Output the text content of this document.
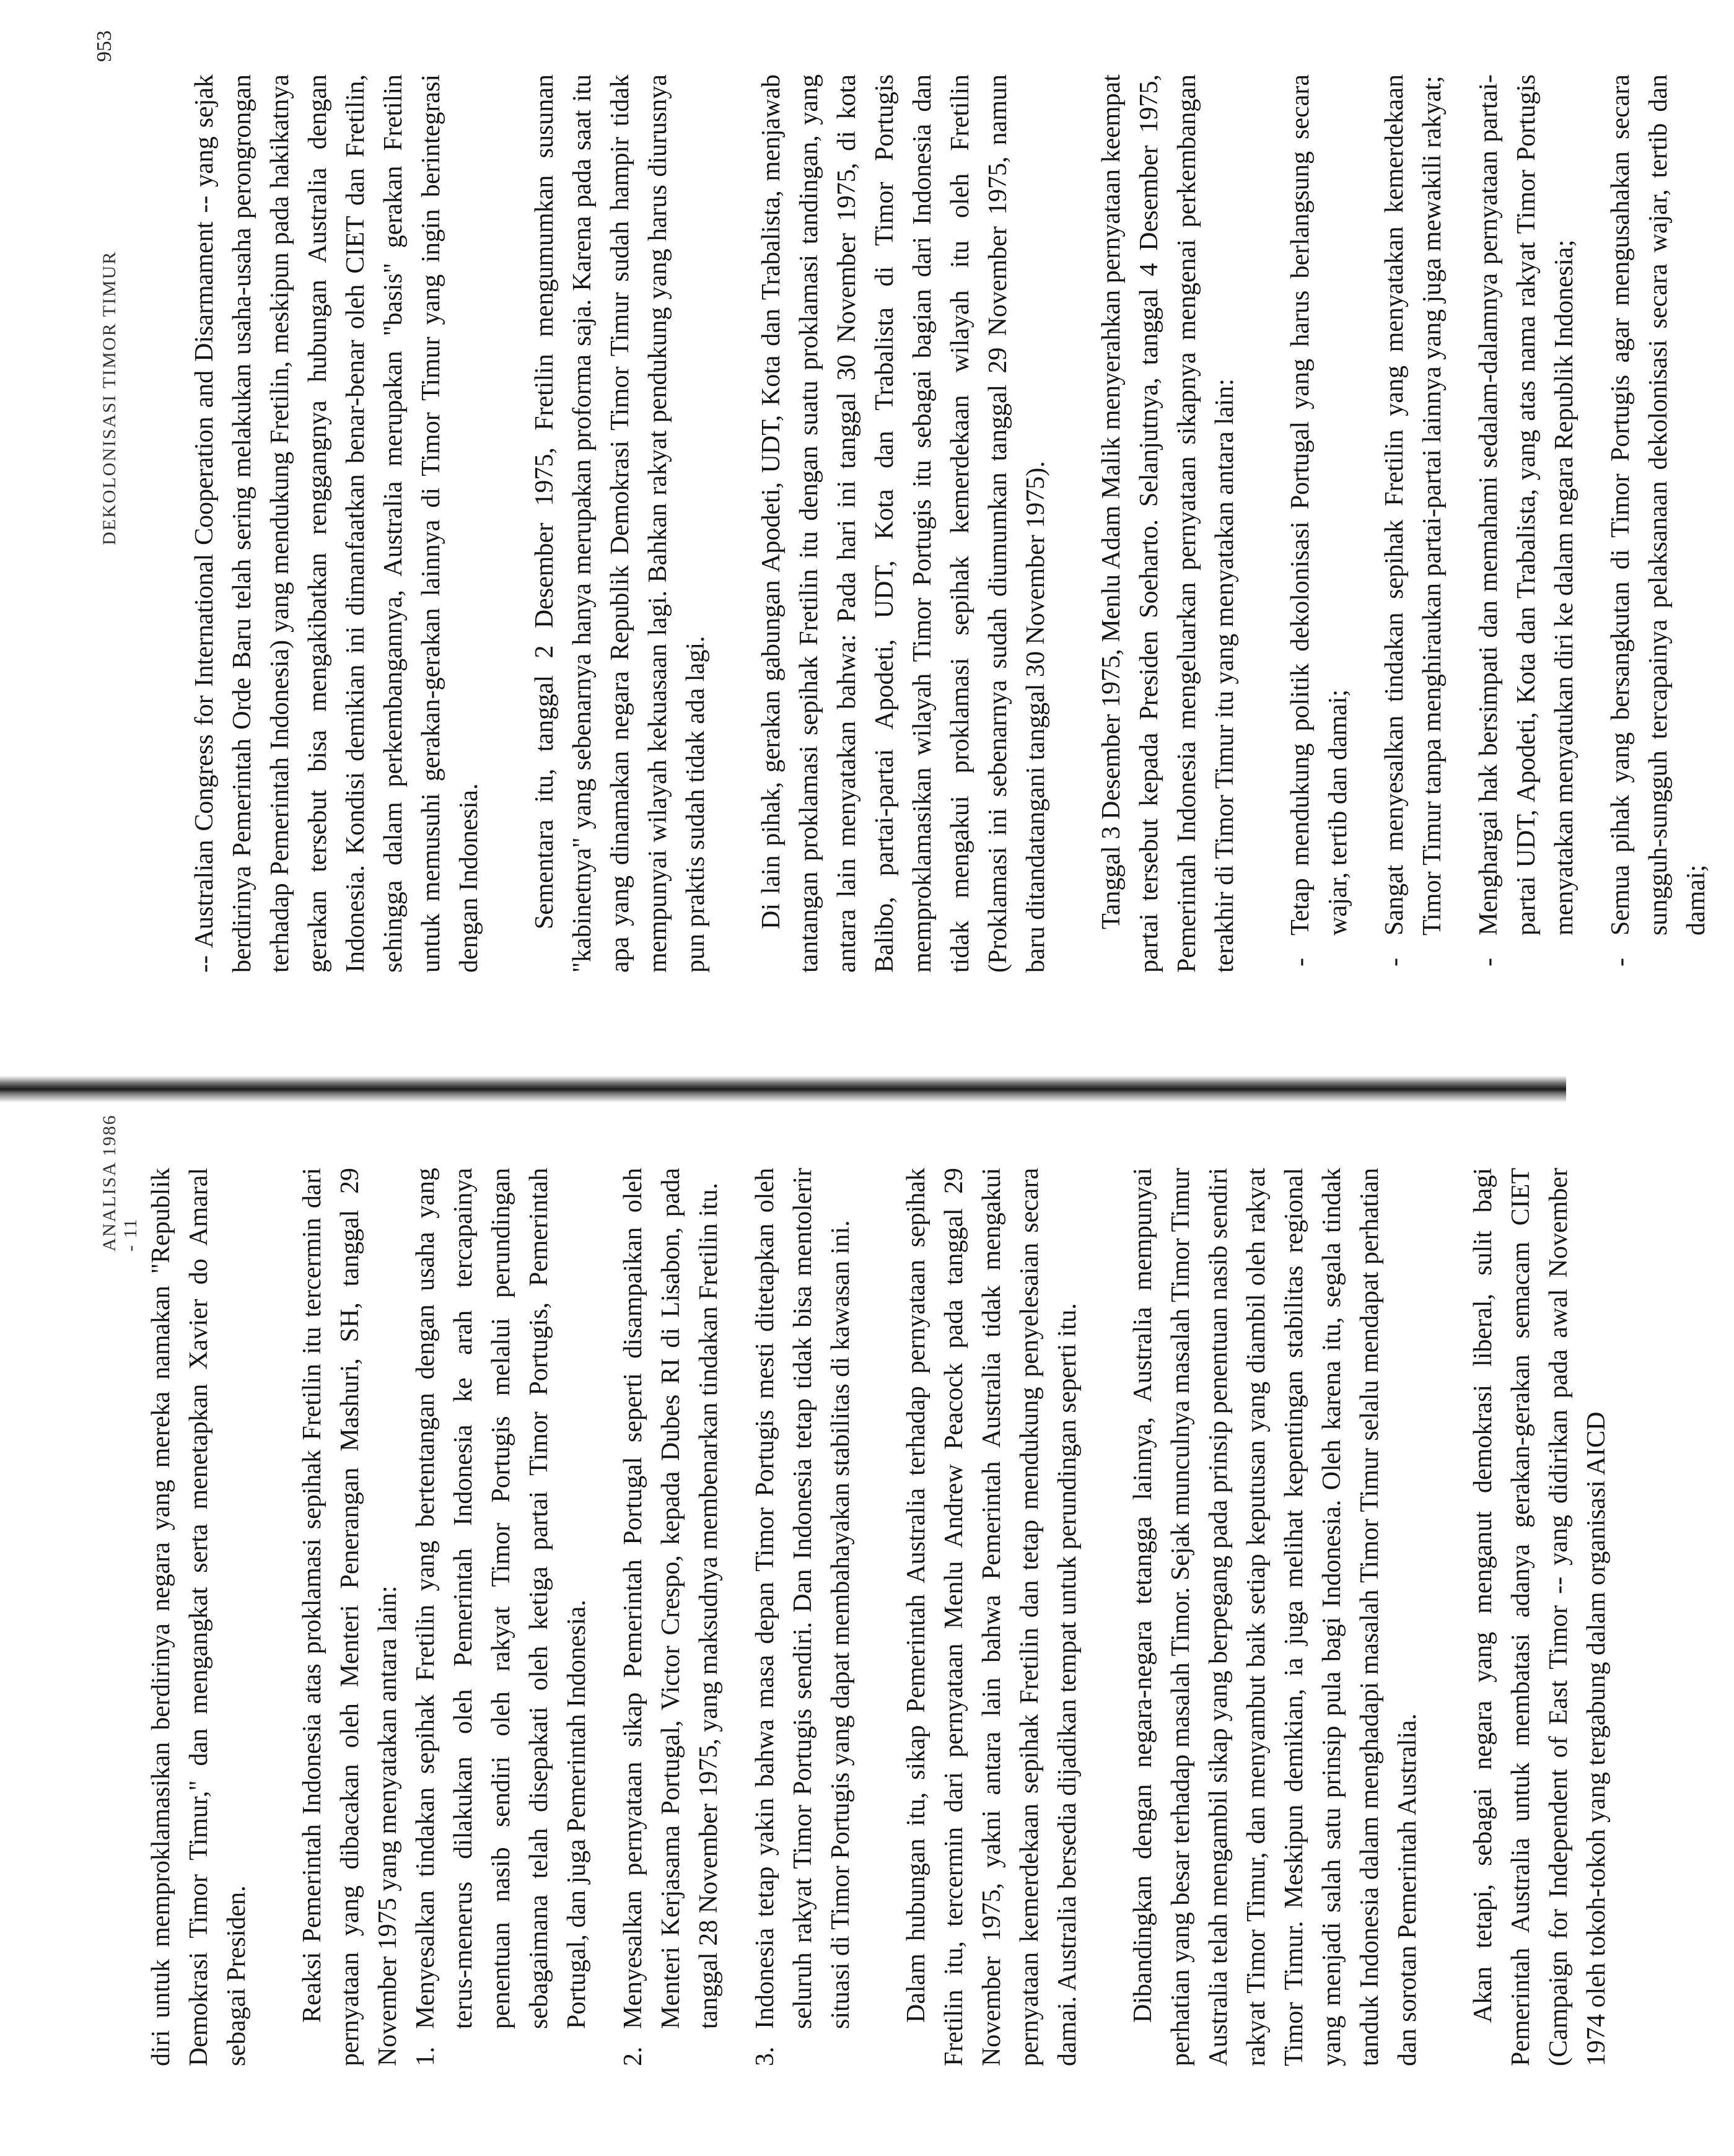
ANALISA 1986 - 11 diri untuk memproklamasikan berdirinya negara yang mereka namakan "Republik Demokrasi Timor Timur," dan mengangkat serta menetapkan Xavier do Amaral sebagai Presiden. Reaksi Pemerintah Indonesia atas proklamasi sepihak Fretilin itu tercermin dari pernyataan yang dibacakan oleh Menteri Penerangan Mashuri, SH, tanggal 29 November 1975 yang menyatakan antara lain: 1.
Menyesalkan tindakan sepihak Fretilin yang bertentangan dengan usaha yang terus-menerus dilakukan oleh Pemerintah Indonesia ke arah tercapainya penentuan nasib sendiri oleh rakyat Timor Portugis melalui perundingan sebagaimana telah disepakati oleh ketiga partai Timor Portugis, Pemerintah Portugal, dan juga Pemerintah Indonesia.
2.
Menyesalkan pernyataan sikap Pemerintah Portugal seperti disampaikan oleh Menteri Kerjasama Portugal, Victor Crespo, kepada Dubes RI di Lisabon, pada tanggal 28 November 1975, yang maksudnya membenarkan tindakan Fretilin itu.
3.
Indonesia tetap yakin bahwa masa depan Timor Portugis mesti ditetapkan oleh seluruh rakyat Timor Portugis sendiri. Dan Indonesia tetap tidak bisa mentolerir situasi di Timor Portugis yang dapat membahayakan stabilitas di kawasan ini. Dalam hubungan itu, sikap Pemerintah Australia terhadap pernyataan sepihak Fretilin itu, tercermin dari pernyataan Menlu Andrew Peacock pada tanggal 29 November 1975, yakni antara lain bahwa Pemerintah Australia tidak mengakui pernyataan kemerdekaan sepihak Fretilin dan tetap mendukung penyelesaian secara damai. Australia bersedia dijadikan tempat untuk perundingan seperti itu. Dibandingkan dengan negara-negara tetangga lainnya, Australia mempunyai perhatian yang besar terhadap masalah Timor. Sejak munculnya masalah Timor Timur Australia telah mengambil sikap yang berpegang pada prinsip penentuan nasib sendiri rakyat Timor Timur, dan menyambut baik setiap keputusan yang diambil oleh rakyat Timor Timur. Meskipun demikian, ia juga melihat kepentingan stabilitas regional yang menjadi salah satu prinsip pula bagi Indonesia. Oleh karena itu, segala tindak tanduk Indonesia dalam menghadapi masalah Timor Timur selalu mendapat perhatian dan sorotan Pemerintah Australia. Akan tetapi, sebagai negara yang menganut demokrasi liberal, sulit bagi Pemerintah Australia untuk membatasi adanya gerakan-gerakan semacam CIET (Campaign for Independent of East Timor -- yang didirikan pada awal November 1974 oleh tokoh-tokoh yang tergabung dalam organisasi AICD

DEKOLONISASI TIMOR TIMUR
953

-- Australian Congress for International Cooperation and Disarmament -- yang sejak berdirinya Pemerintah Orde Baru telah sering melakukan usaha-usaha perongrongan terhadap Pemerintah Indonesia) yang mendukung Fretilin, meskipun pada hakikatnya gerakan tersebut bisa mengakibatkan renggangnya hubungan Australia dengan Indonesia. Kondisi demikian ini dimanfaatkan benar-benar oleh CIET dan Fretilin, sehingga dalam perkembangannya, Australia merupakan "basis" gerakan Fretilin untuk memusuhi gerakan-gerakan lainnya di Timor Timur yang ingin berintegrasi dengan Indonesia. Sementara itu, tanggal 2 Desember 1975, Fretilin mengumumkan susunan "kabinetnya" yang sebenarnya hanya merupakan proforma saja. Karena pada saat itu apa yang dinamakan negara Republik Demokrasi Timor Timur sudah hampir tidak mempunyai wilayah kekuasaan lagi. Bahkan rakyat pendukung yang harus diurusnya pun praktis sudah tidak ada lagi. Di lain pihak, gerakan gabungan Apodeti, UDT, Kota dan Trabalista, menjawab tantangan proklamasi sepihak Fretilin itu dengan suatu proklamasi tandingan, yang antara lain menyatakan bahwa: Pada hari ini tanggal 30 November 1975, di kota Balibo, partai-partai Apodeti, UDT, Kota dan Trabalista di Timor Portugis memproklamasikan wilayah Timor Portugis itu sebagai bagian dari Indonesia dan tidak mengakui proklamasi sepihak kemerdekaan wilayah itu oleh Fretilin (Proklamasi ini sebenarnya sudah diumumkan tanggal 29 November 1975, namun baru ditandatangani tanggal 30 November 1975). Tanggal 3 Desember 1975, Menlu Adam Malik menyerahkan pernyataan keempat partai tersebut kepada Presiden Soeharto. Selanjutnya, tanggal 4 Desember 1975, Pemerintah Indonesia mengeluarkan pernyataan sikapnya mengenai perkembangan terakhir di Timor Timur itu yang menyatakan antara lain: -
Tetap mendukung politik dekolonisasi Portugal yang harus berlangsung secara wajar, tertib dan damai;
-
Sangat menyesalkan tindakan sepihak Fretilin yang menyatakan kemerdekaan Timor Timur tanpa menghiraukan partai-partai lainnya yang juga mewakili rakyat;
-
Menghargai hak bersimpati dan memahami sedalam-dalamnya pernyataan partai-partai UDT, Apodeti, Kota dan Trabalista, yang atas nama rakyat Timor Portugis menyatakan menyatukan diri ke dalam negara Republik Indonesia;
-
Semua pihak yang bersangkutan di Timor Portugis agar mengusahakan secara sungguh-sungguh tercapainya pelaksanaan dekolonisasi secara wajar, tertib dan damai;
